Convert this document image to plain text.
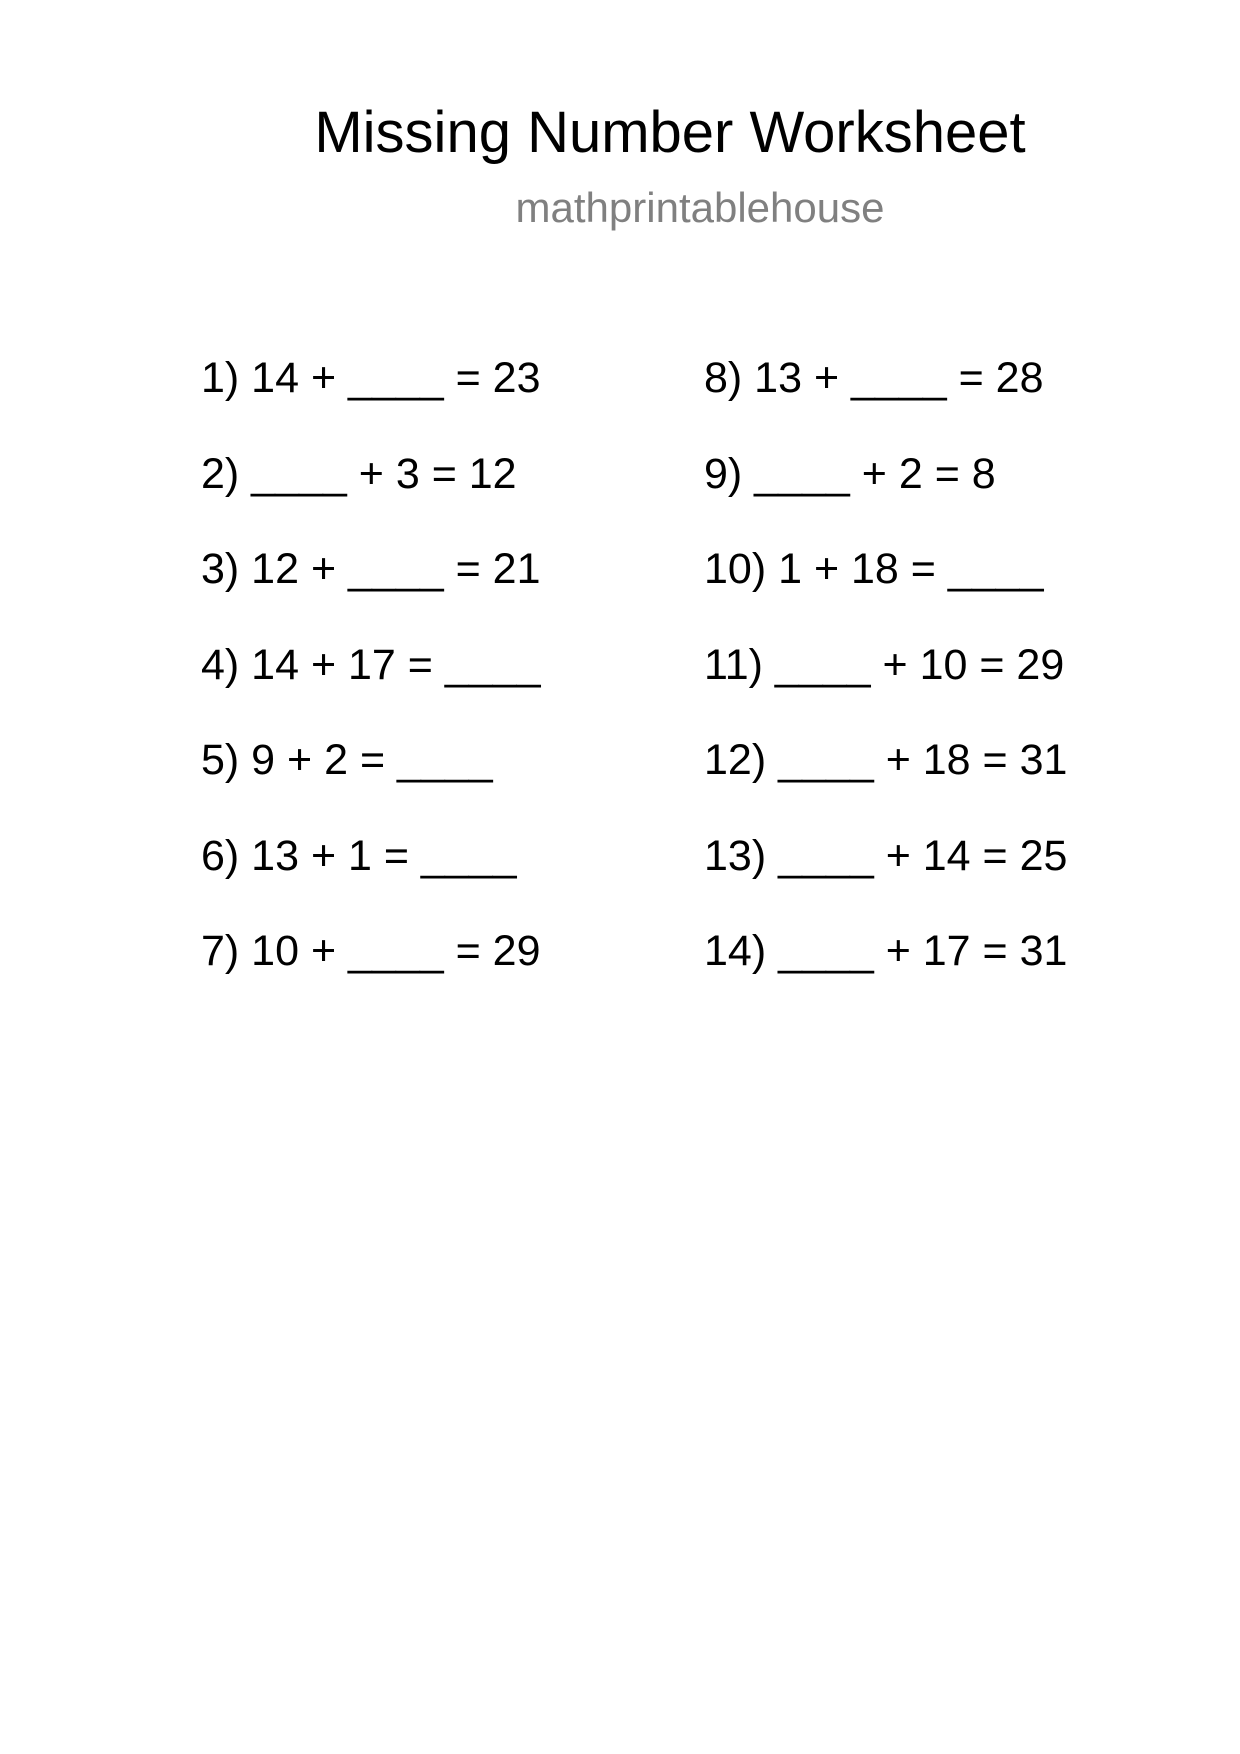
Missing Number Worksheet
mathprintablehouse
1) 14 + ____ = 23
2) ____ + 3 = 12
3) 12 + ____ = 21
4) 14 + 17 = ____
5) 9 + 2 = ____
6) 13 + 1 = ____
7) 10 + ____ = 29
8) 13 + ____ = 28
9) ____ + 2 = 8
10) 1 + 18 = ____
11) ____ + 10 = 29
12) ____ + 18 = 31
13) ____ + 14 = 25
14) ____ + 17 = 31
